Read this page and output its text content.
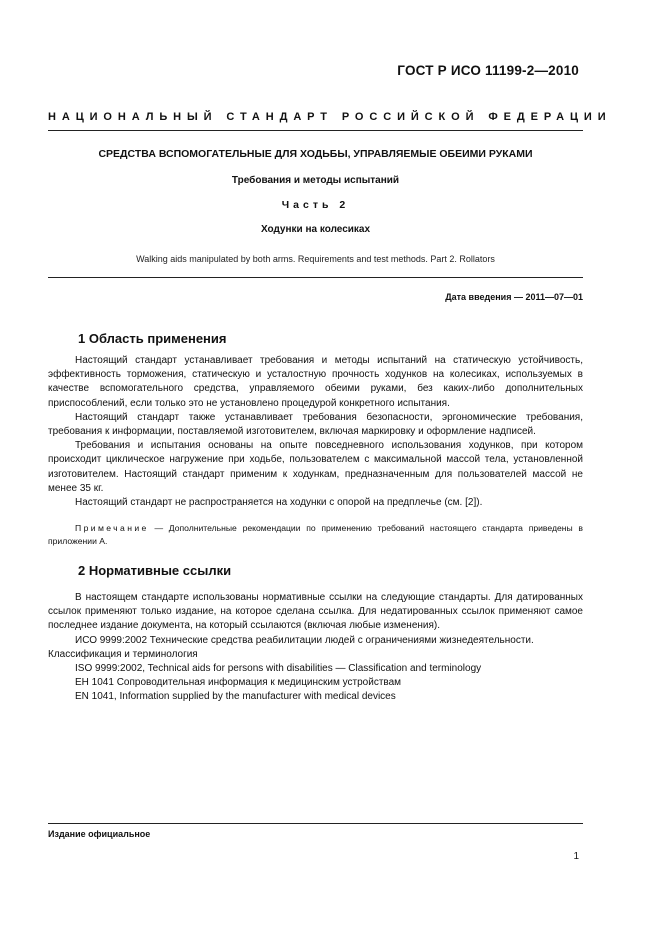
ГОСТ Р ИСО 11199-2—2010
НАЦИОНАЛЬНЫЙ СТАНДАРТ РОССИЙСКОЙ ФЕДЕРАЦИИ
СРЕДСТВА ВСПОМОГАТЕЛЬНЫЕ ДЛЯ ХОДЬБЫ, УПРАВЛЯЕМЫЕ ОБЕИМИ РУКАМИ
Требования и методы испытаний
Часть 2
Ходунки на колесиках
Walking aids manipulated by both arms. Requirements and test methods. Part 2. Rollators
Дата введения — 2011—07—01
1 Область применения

Настоящий стандарт устанавливает требования и методы испытаний на статическую устойчивость, эффективность торможения, статическую и усталостную прочность ходунков на колесиках, используемых в качестве вспомогательного средства, управляемого обеими руками, без каких-либо дополнительных приспособлений, если только это не установлено процедурой конкретного испытания.

Настоящий стандарт также устанавливает требования безопасности, эргономические требования, требования к информации, поставляемой изготовителем, включая маркировку и оформление надписей.

Требования и испытания основаны на опыте повседневного использования ходунков, при котором происходит циклическое нагружение при ходьбе, пользователем с максимальной массой тела, установленной изготовителем. Настоящий стандарт применим к ходункам, предназначенным для пользователей массой не менее 35 кг.

Настоящий стандарт не распространяется на ходунки с опорой на предплечье (см. [2]).

Примечание — Дополнительные рекомендации по применению требований настоящего стандарта приведены в приложении А.
2 Нормативные ссылки

В настоящем стандарте использованы нормативные ссылки на следующие стандарты. Для датированных ссылок применяют только издание, на которое сделана ссылка. Для недатированных ссылок применяют самое последнее издание документа, на который ссылаются (включая любые изменения).

ИСО 9999:2002 Технические средства реабилитации людей с ограничениями жизнедеятельности. Классификация и терминология

ISO 9999:2002, Technical aids for persons with disabilities — Classification and terminology

ЕН 1041 Сопроводительная информация к медицинским устройствам

EN 1041, Information supplied by the manufacturer with medical devices

Издание официальное
1
